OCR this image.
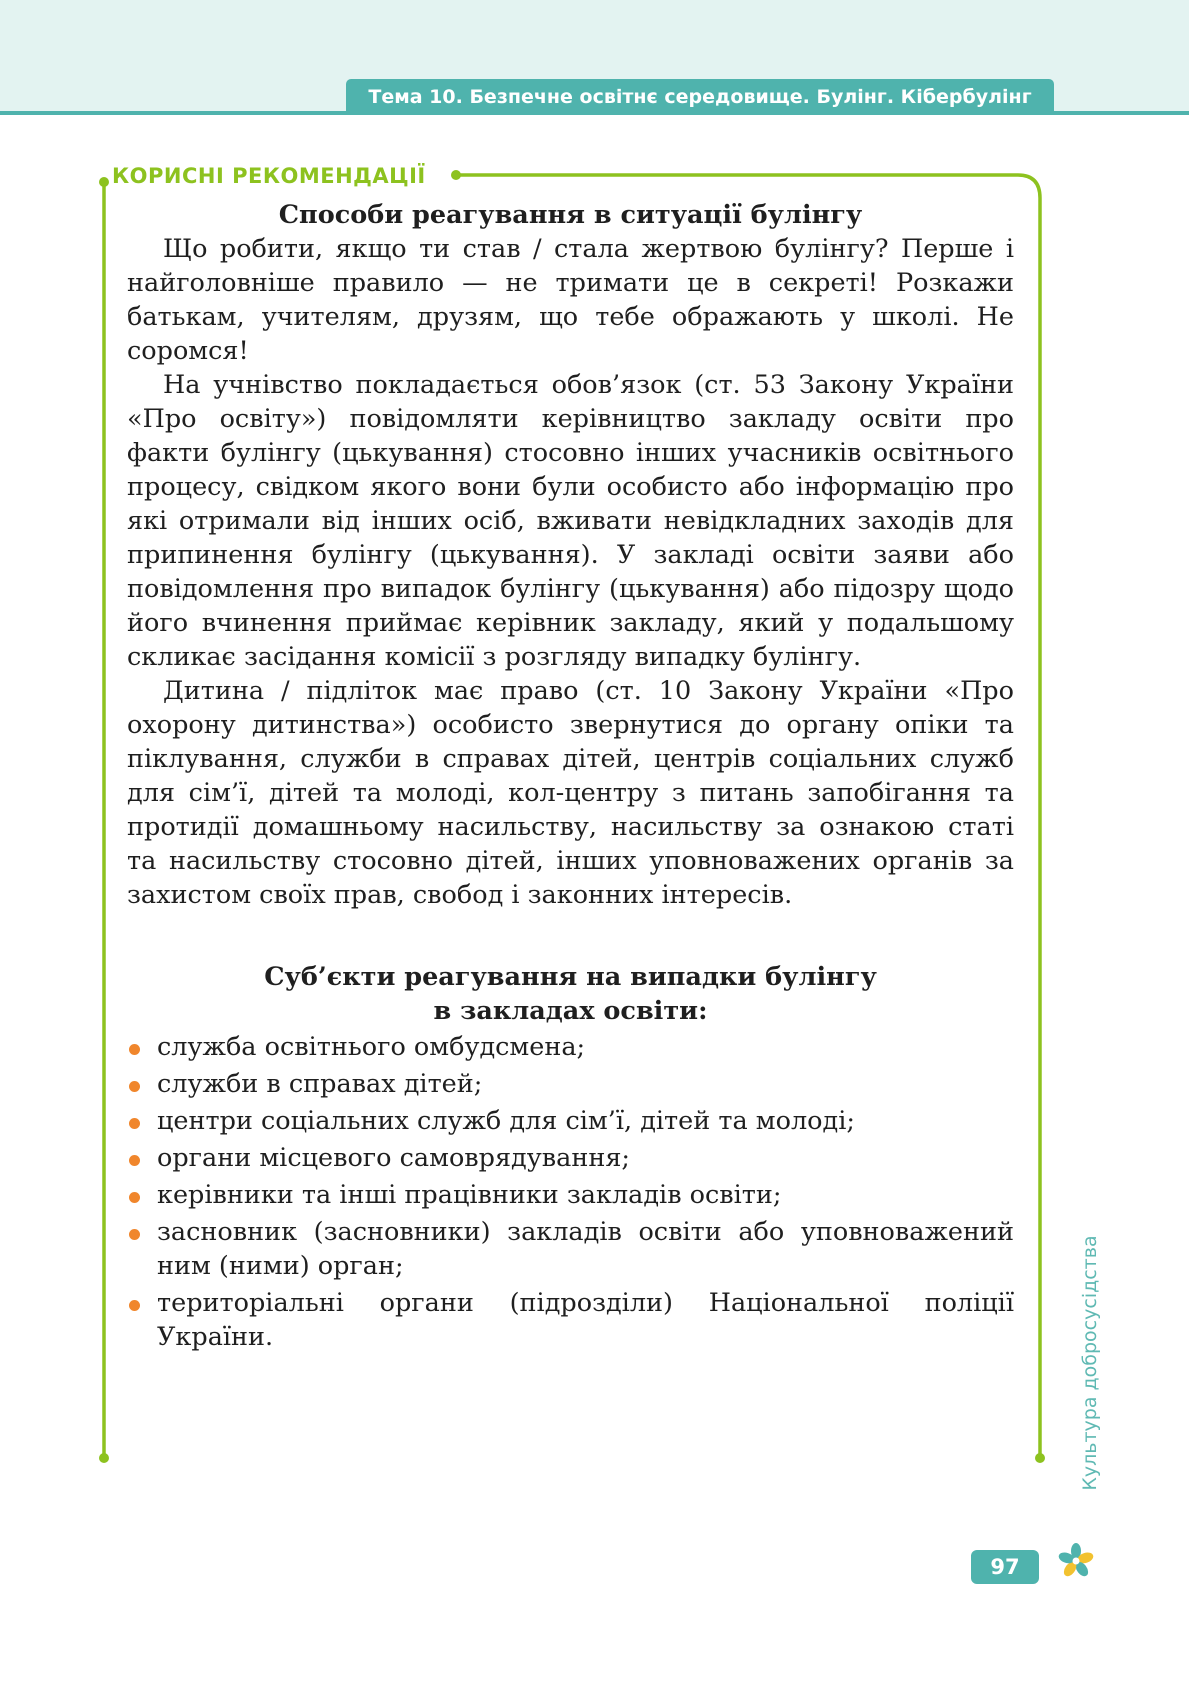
Тема 10. Безпечне освітнє середовище. Булінг. Кібербулінг
КОРИСНІ РЕКОМЕНДАЦІЇ

Способи реагування в ситуації булінгу

Що робити, якщо ти став / стала жертвою булінгу? Перше і найголовніше правило — не тримати це в секреті! Розкажи батькам, учителям, друзям, що тебе ображають у школі. Не соромся!

На учнівство покладається обов’язок (ст. 53 Закону України «Про освіту») повідомляти керівництво закладу освіти про факти булінгу (цькування) стосовно інших учасників освітнього процесу, свідком якого вони були особисто або інформацію про які отримали від інших осіб, вживати невідкладних заходів для припинення булінгу (цькування). У закладі освіти заяви або повідомлення про випадок булінгу (цькування) або підозру щодо його вчинення приймає керівник закладу, який у подальшому скликає засідання комісії з розгляду випадку булінгу.

Дитина / підліток має право (ст. 10 Закону України «Про охорону дитинства») особисто звернутися до органу опіки та піклування, служби в справах дітей, центрів соціальних служб для сім’ї, дітей та молоді, кол-центру з питань запобігання та протидії домашньому насильству, насильству за ознакою статі та насильству стосовно дітей, інших уповноважених органів за захистом своїх прав, свобод і законних інтересів.

Суб’єкти реагування на випадки булінгу
в закладах освіти:

служба освітнього омбудсмена;
служби в справах дітей;
центри соціальних служб для сім’ї, дітей та молоді;
органи місцевого самоврядування;
керівники та інші працівники закладів освіти;
засновник (засновники) закладів освіти або уповноважений ним (ними) орган;
територіальні органи (підрозділи) Національної поліції України.	Культура добросусідства
97
